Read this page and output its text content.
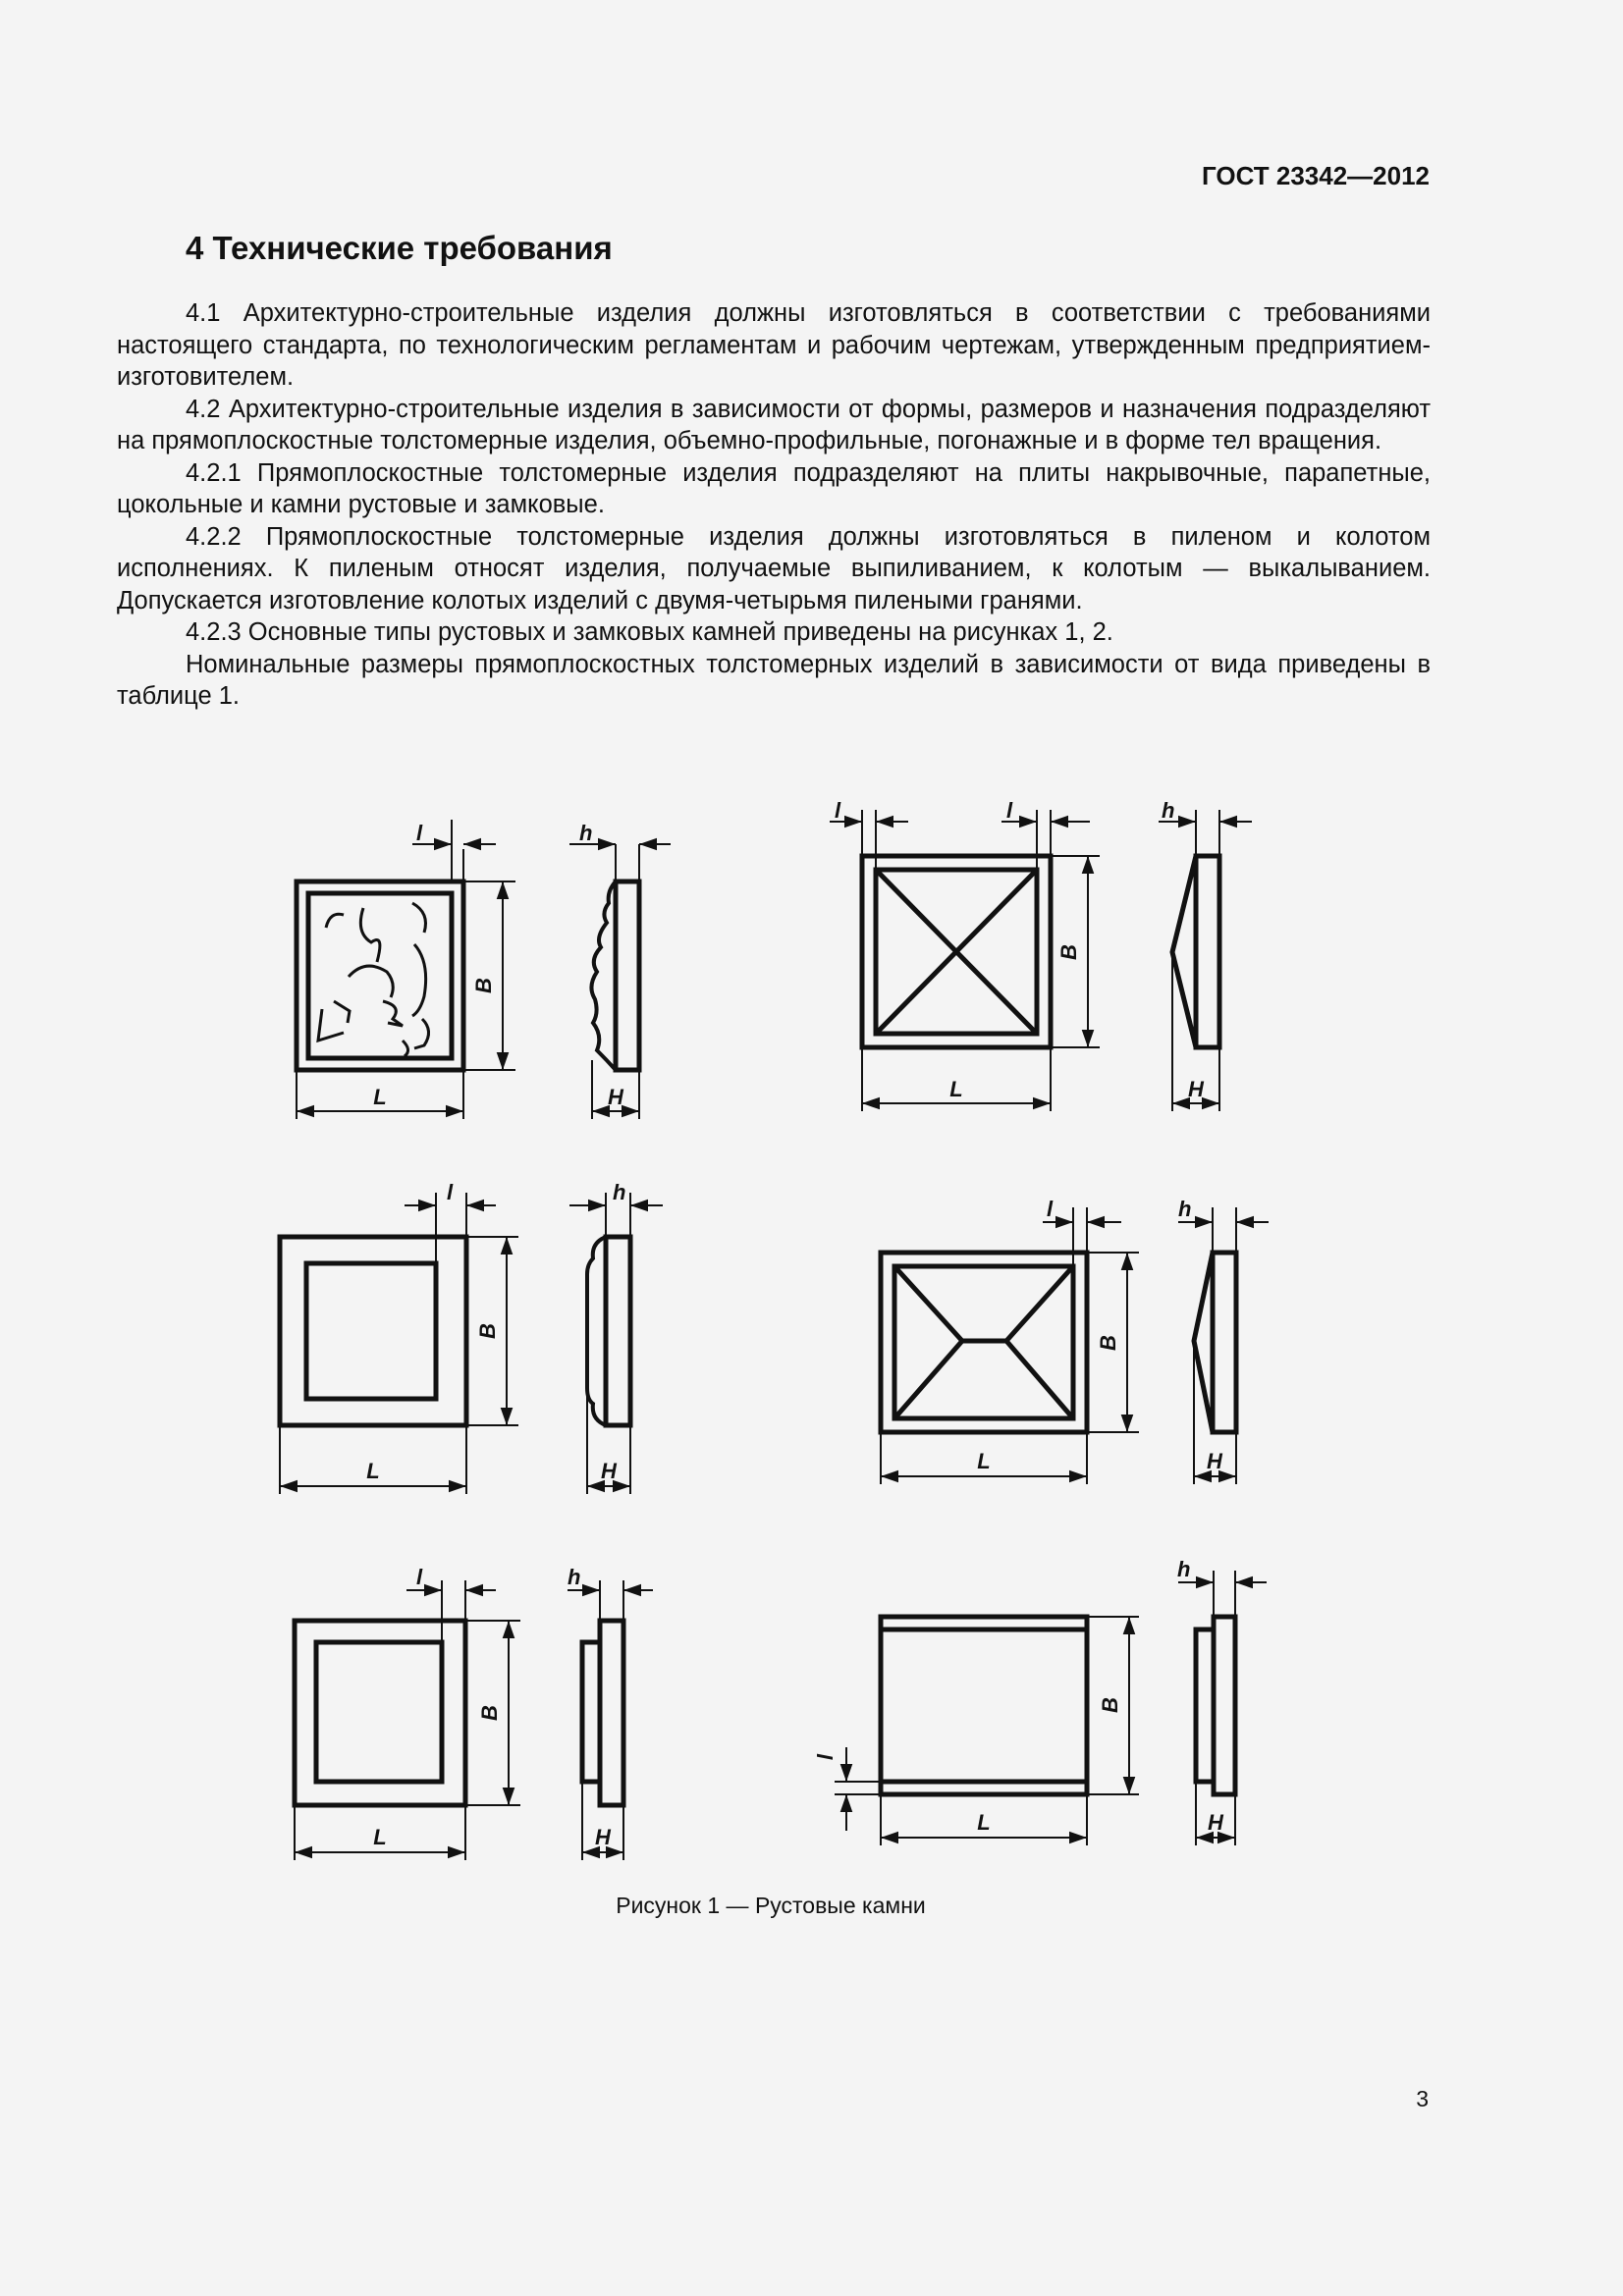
ГОСТ 23342—2012
4 Технические требования

4.1 Архитектурно-строительные изделия должны изготовляться в соответствии с требованиями настоящего стандарта, по технологическим регламентам и рабочим чертежам, утвержденным предприятием-изготовителем.

4.2 Архитектурно-строительные изделия в зависимости от формы, размеров и назначения подразделяют на прямоплоскостные толстомерные изделия, объемно-профильные, погонажные и в форме тел вращения.

4.2.1 Прямоплоскостные толстомерные изделия подразделяют на плиты накрывочные, парапетные, цокольные и камни рустовые и замковые.

4.2.2 Прямоплоскостные толстомерные изделия должны изготовляться в пиленом и колотом исполнениях. К пиленым относят изделия, получаемые выпиливанием, к колотым — выкалыванием. Допускается изготовление колотых изделий с двумя-четырьмя пилеными гранями.

4.2.3 Основные типы рустовых и замковых камней приведены на рисунках 1, 2.

Номинальные размеры прямоплоскостных толстомерных изделий в зависимости от вида приведены в таблице 1.

l
B
L
h
H
l	l
B
L
h
H
l
B
L
h
H
l
B
L
h
H
l
B
L
h
H
B
l
L
h
H
Рисунок 1 — Рустовые камни
3
